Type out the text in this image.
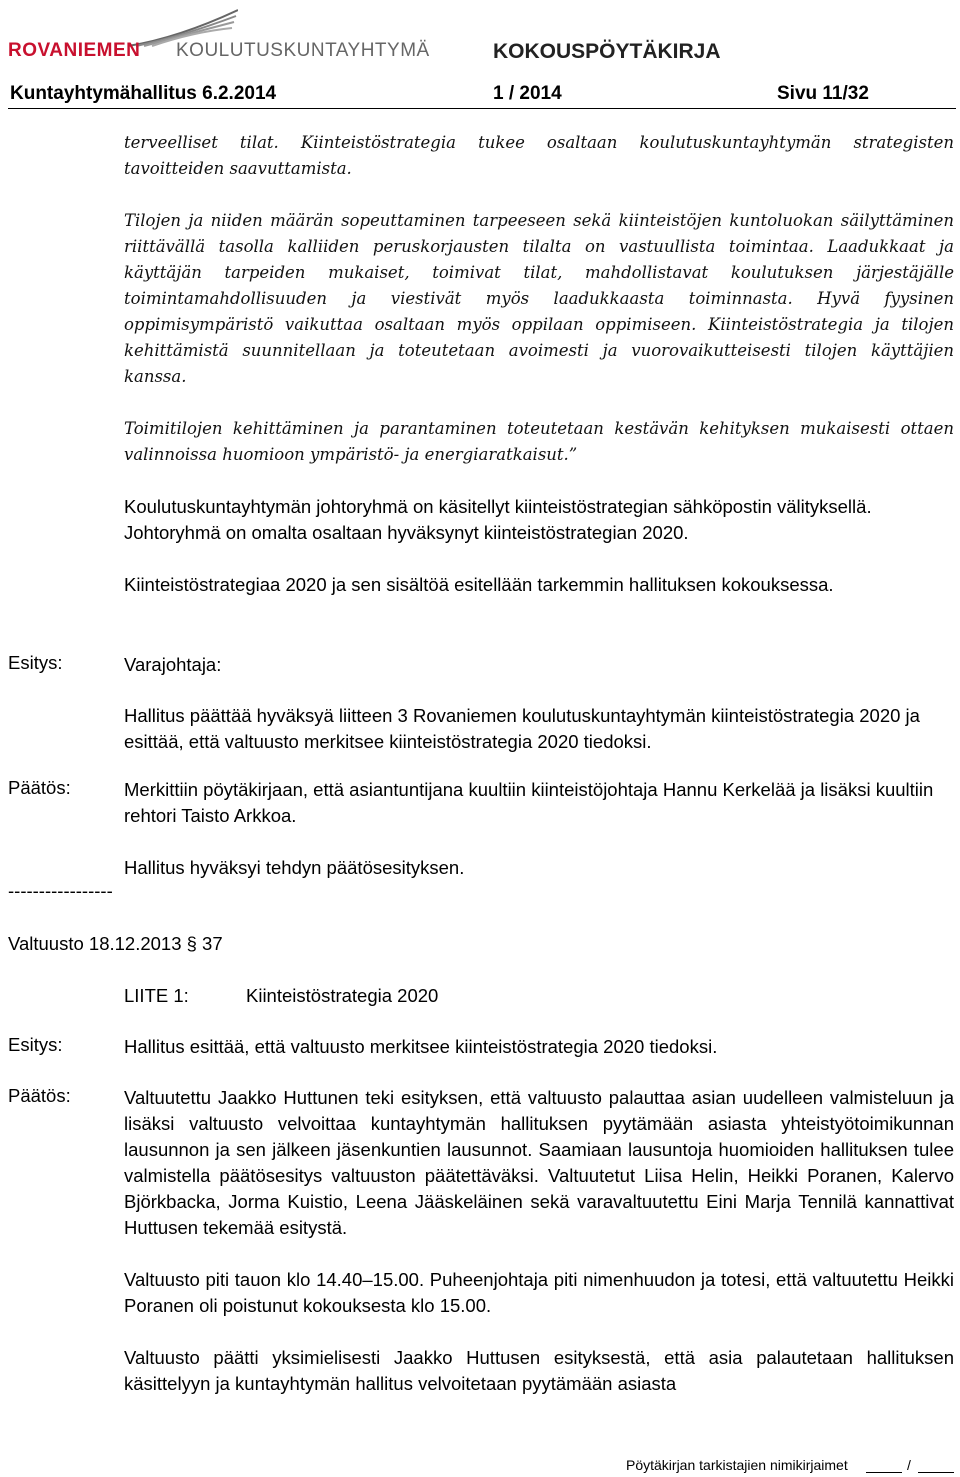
ROVANIEMEN KOULUTUSKUNTAYHTYMÄ	KOKOUSPÖYTÄKIRJA
Kuntayhtymähallitus 6.2.2014	1 / 2014	Sivu 11/32

terveelliset tilat. Kiinteistöstrategia tukee osaltaan koulutuskuntayhtymän strategisten tavoitteiden saavuttamista.

Tilojen ja niiden määrän sopeuttaminen tarpeeseen sekä kiinteistöjen kuntoluokan säilyttäminen riittävällä tasolla kalliiden peruskorjausten tilalta on vastuullista toimintaa. Laadukkaat ja käyttäjän tarpeiden mukaiset, toimivat tilat, mahdollistavat koulutuksen järjestäjälle toimintamahdollisuuden ja viestivät myös laadukkaasta toiminnasta. Hyvä fyysinen oppimisympäristö vaikuttaa osaltaan myös oppilaan oppimiseen. Kiinteistöstrategia ja tilojen kehittämistä suunnitellaan ja toteutetaan avoimesti ja vuorovaikutteisesti tilojen käyttäjien kanssa.

Toimitilojen kehittäminen ja parantaminen toteutetaan kestävän kehityksen mukaisesti ottaen valinnoissa huomioon ympäristö- ja energiaratkaisut.”

Koulutuskuntayhtymän johtoryhmä on käsitellyt kiinteistöstrategian sähköpostin välityksellä. Johtoryhmä on omalta osaltaan hyväksynyt kiinteistöstrategian 2020.

Kiinteistöstrategiaa 2020 ja sen sisältöä esitellään tarkemmin hallituksen kokouksessa.

Esitys:	Varajohtaja:
Hallitus päättää hyväksyä liitteen 3 Rovaniemen koulutuskuntayhtymän kiinteistöstrategia 2020 ja esittää, että valtuusto merkitsee kiinteistöstrategia 2020 tiedoksi.
Päätös:	Merkittiin pöytäkirjaan, että asiantuntijana kuultiin kiinteistöjohtaja Hannu Kerkelää ja lisäksi kuultiin rehtori Taisto Arkkoa.
Hallitus hyväksyi tehdyn päätösesityksen.
-----------------
Valtuusto 18.12.2013 § 37
LIITE 1:	Kiinteistöstrategia 2020
Esitys:	Hallitus esittää, että valtuusto merkitsee kiinteistöstrategia 2020 tiedoksi.
Päätös:	Valtuutettu Jaakko Huttunen teki esityksen, että valtuusto palauttaa asian uudelleen valmisteluun ja lisäksi valtuusto velvoittaa kuntayhtymän hallituksen pyytämään asiasta yhteistyötoimikunnan lausunnon ja sen jälkeen jäsenkuntien lausunnot. Saamiaan lausuntoja huomioiden hallituksen tulee valmistella päätösesitys valtuuston päätettäväksi. Valtuutetut Liisa Helin, Heikki Poranen, Kalervo Björkbacka, Jorma Kuistio, Leena Jääskeläinen sekä varavaltuutettu Eini Marja Tennilä kannattivat Huttusen tekemää esitystä.

Valtuusto piti tauon klo 14.40–15.00. Puheenjohtaja piti nimenhuudon ja totesi, että valtuutettu Heikki Poranen oli poistunut kokouksesta klo 15.00.

Valtuusto päätti yksimielisesti Jaakko Huttusen esityksestä, että asia palautetaan hallituksen käsittelyyn ja kuntayhtymän hallitus velvoitetaan pyytämään asiasta

Pöytäkirjan tarkistajien nimikirjaimet	/
